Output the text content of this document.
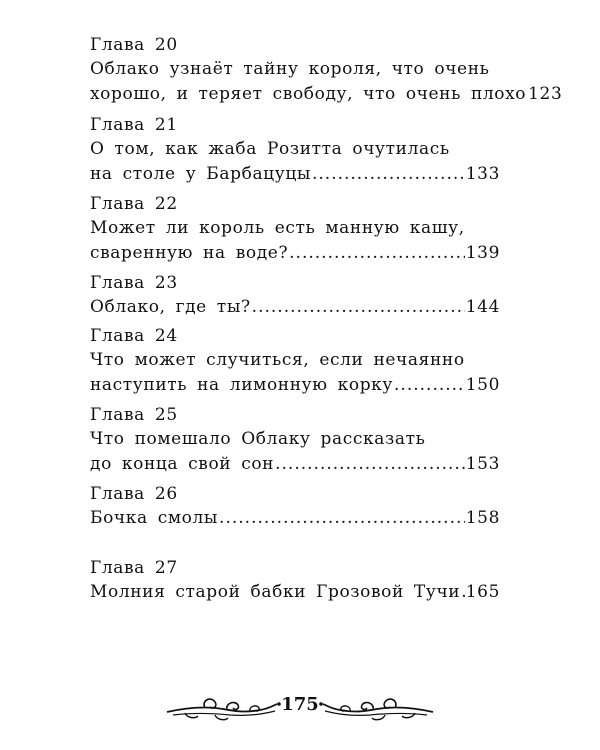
Глава 20
Облако узнаёт тайну короля, что очень
хорошо, и теряет свободу, что очень плохо 123
Глава 21
О том, как жаба Розитта очутилась
на столе у Барбацуцы .....	133
Глава 22
Может ли король есть манную кашу,
сваренную на воде? .....	139
Глава 23
Облако, где ты? .....	144
Глава 24
Что может случиться, если нечаянно
наступить на лимонную корку .....	150
Глава 25
Что помешало Облаку рассказать
до конца свой сон .....	153
Глава 26
Бочка смолы .....	158
Глава 27
Молния старой бабки Грозовой Тучи ..... 165
175
